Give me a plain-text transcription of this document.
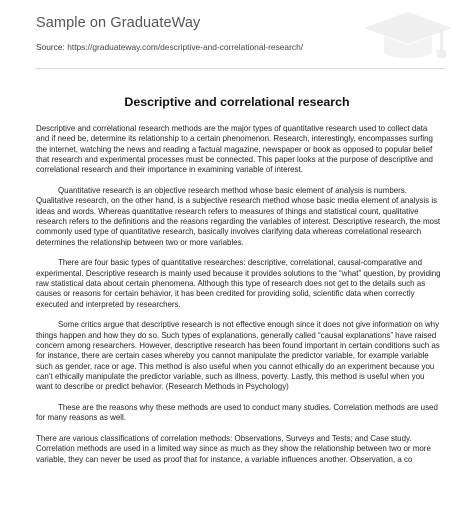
Sample on GraduateWay
Source: https://graduateway.com/descriptive-and-correlational-research/
Descriptive and correlational research

Descriptive and correlational research methods are the major types of quantitative research used to collect data and if need be, determine its relationship to a certain phenomenon. Research, interestingly, encompasses surfing the internet, watching the news and reading a factual magazine, newspaper or book as opposed to popular belief that research and experimental processes must be connected. This paper looks at the purpose of descriptive and correlational research and their importance in examining variable of interest.

Quantitative research is an objective research method whose basic element of analysis is numbers. Qualitative research, on the other hand, is a subjective research method whose basic media element of analysis is ideas and words. Whereas quantitative research refers to measures of things and statistical count, qualitative research refers to the definitions and the reasons regarding the variables of interest. Descriptive research, the most commonly used type of quantitative research, basically involves clarifying data whereas correlational research determines the relationship between two or more variables.

There are four basic types of quantitative researches: descriptive, correlational, causal-comparative and experimental. Descriptive research is mainly used because it provides solutions to the “what” question, by providing raw statistical data about certain phenomena. Although this type of research does not get to the details such as causes or reasons for certain behavior, it has been credited for providing solid, scientific data when correctly executed and interpreted by researchers.

Some critics argue that descriptive research is not effective enough since it does not give information on why things happen and how they do so. Such types of explanations, generally called “causal explanations” have raised concern among researchers. However, descriptive research has been found important in certain conditions such as for instance, there are certain cases whereby you cannot manipulate the predictor variable, for example variable such as gender, race or age. This method is also useful when you cannot ethically do an experiment because you can’t ethically manipulate the predictor variable, such as illness, poverty. Lastly, this method is useful when you want to describe or predict behavior. (Research Methods in Psychology)

These are the reasons why these methods are used to conduct many studies. Correlation methods are used for many reasons as well.

There are various classifications of correlation methods: Observations, Surveys and Tests; and Case study. Correlation methods are used in a limited way since as much as they show the relationship between two or more variable, they can never be used as proof that for instance, a variable influences another. Observation, a co
